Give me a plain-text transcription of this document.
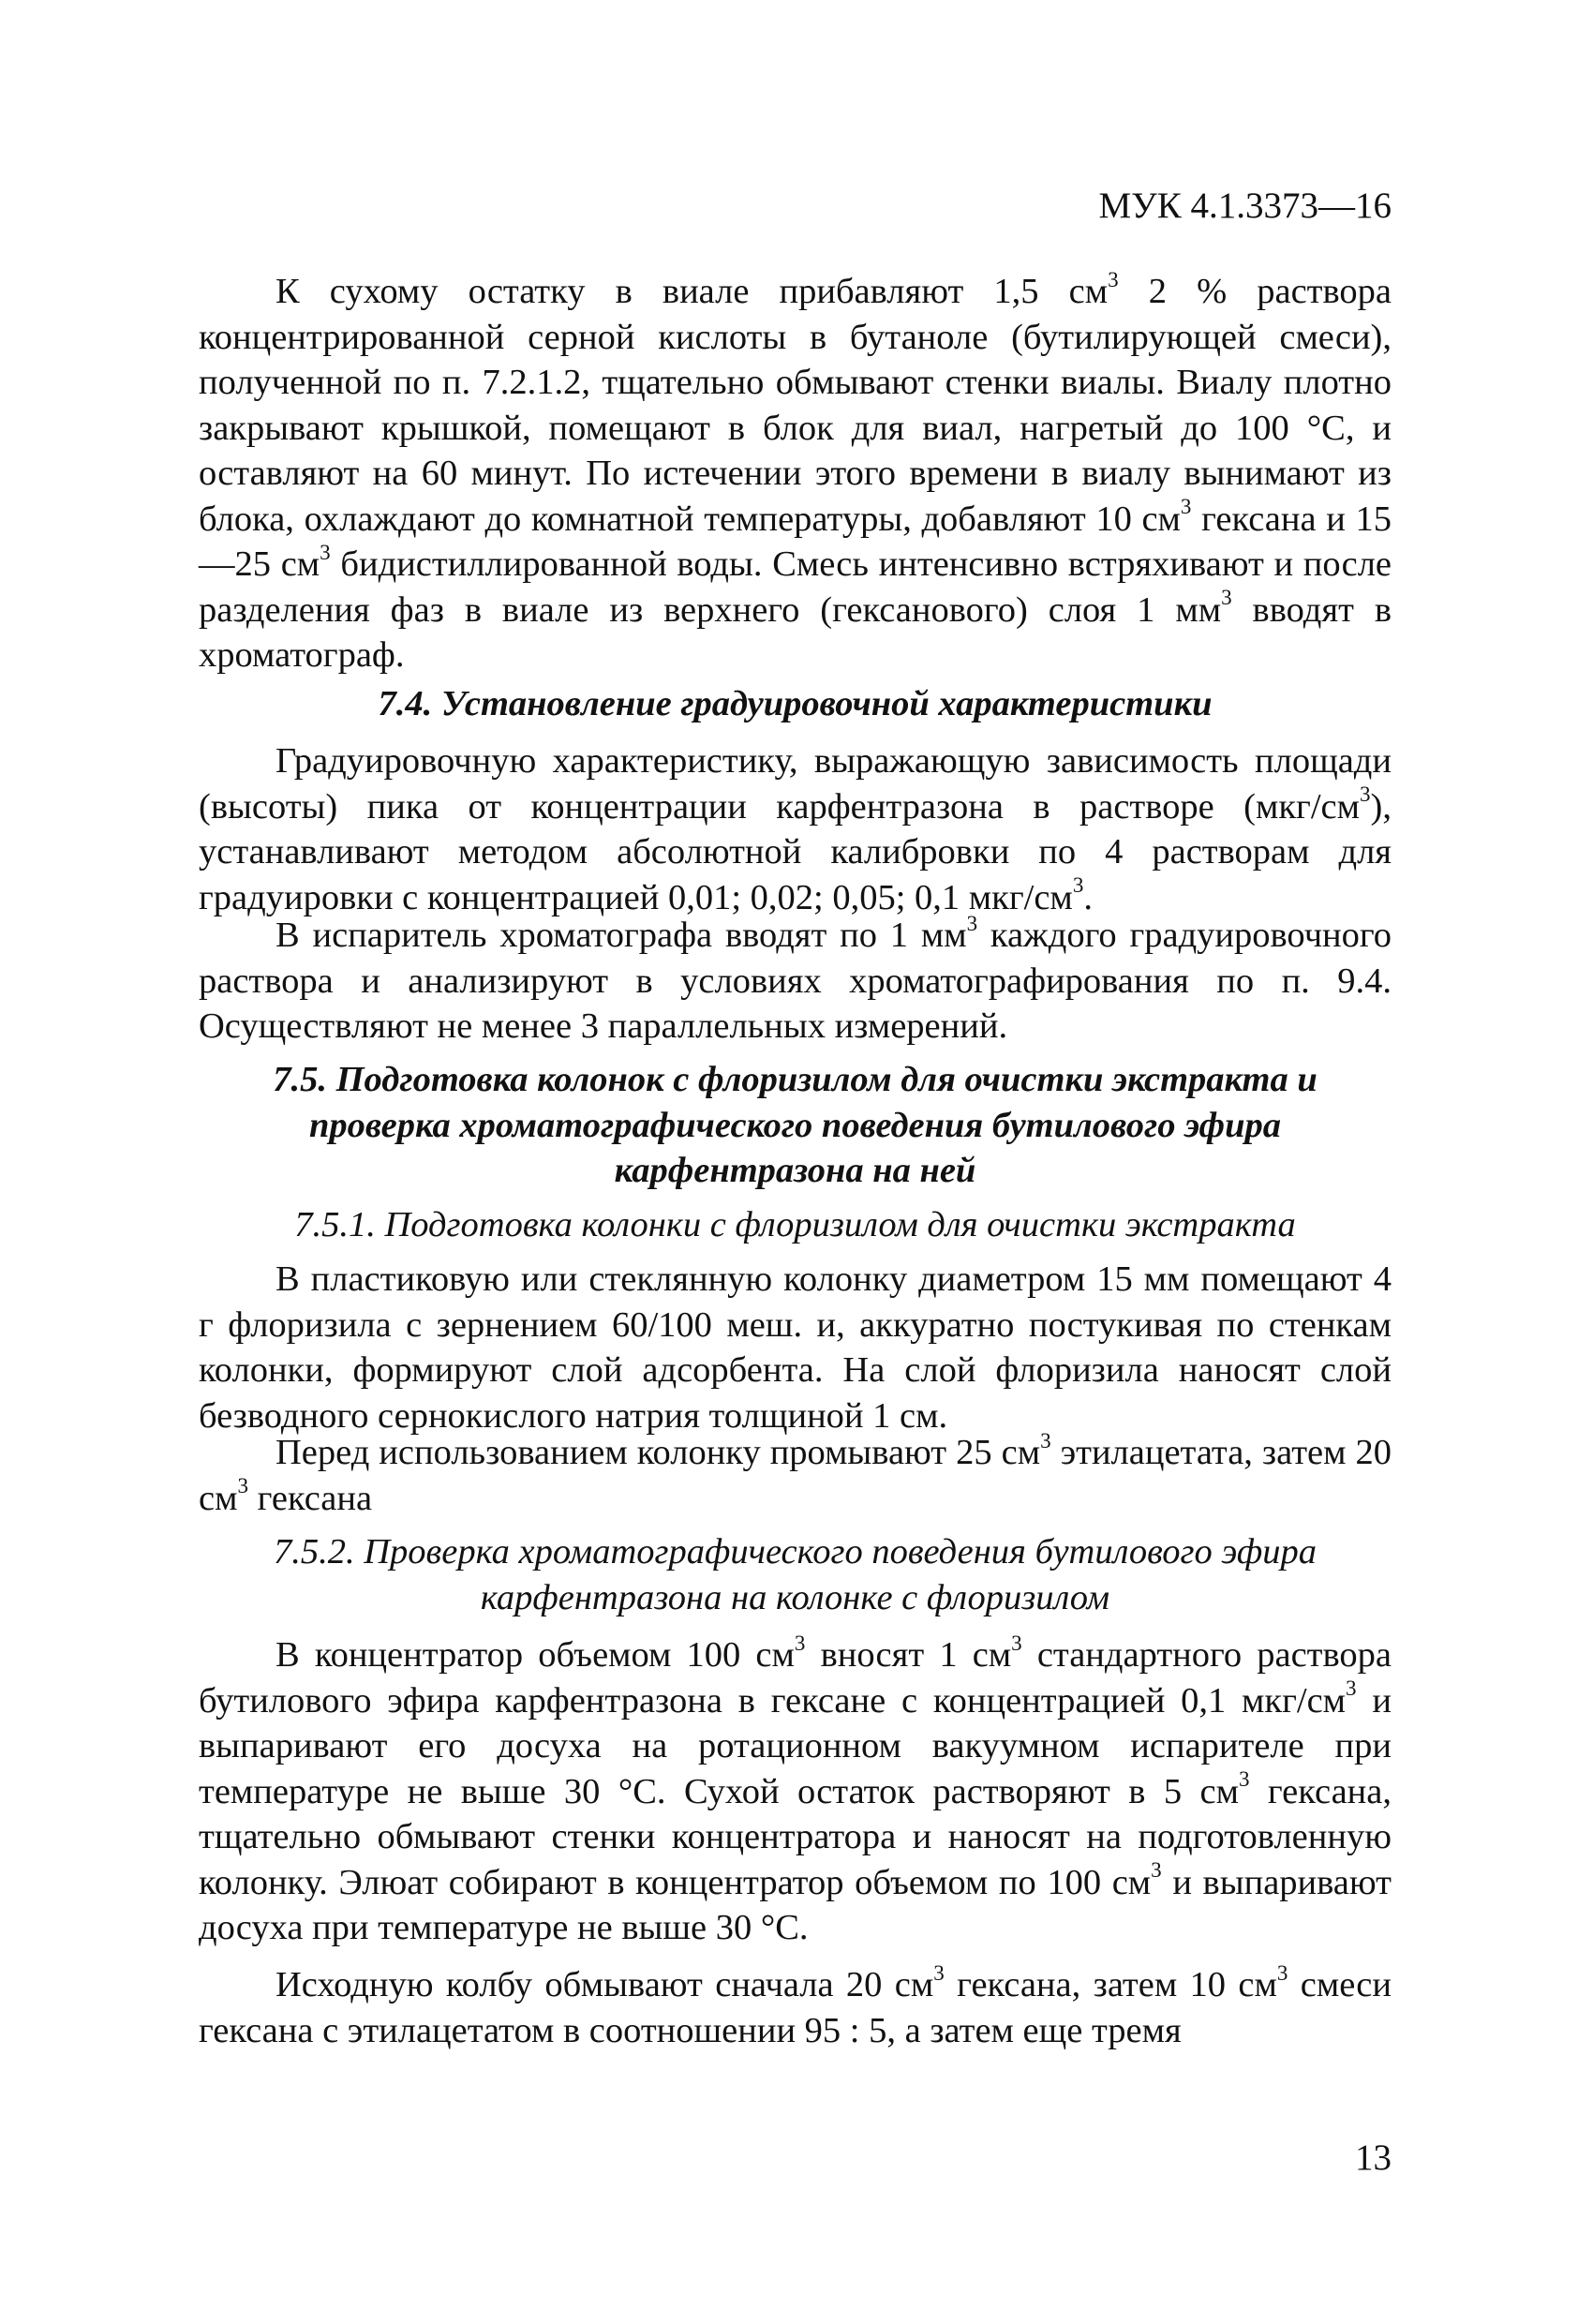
МУК 4.1.3373—16

К сухому остатку в виале прибавляют 1,5 $см^3$ 2 % раствора концентрированной серной кислоты в бутаноле (бутилирующей смеси), полученной по п. 7.2.1.2, тщательно обмывают стенки виалы. Виалу плотно закрывают крышкой, помещают в блок для виал, нагретый до 100 °С, и оставляют на 60 минут. По истечении этого времени в виалу вынимают из блока, охлаждают до комнатной температуры, добавляют 10 $см^3$ гексана и 15—25 $см^3$ бидистиллированной воды. Смесь интенсивно встряхивают и после разделения фаз в виале из верхнего (гексанового) слоя 1 $мм^3$ вводят в хроматограф.

7.4. Установление градуировочной характеристики

Градуировочную характеристику, выражающую зависимость площади (высоты) пика от концентрации карфентразона в растворе $(мкг/см^3)$, устанавливают методом абсолютной калибровки по 4 растворам для градуировки с концентрацией 0,01; 0,02; 0,05; 0,1 мкг/$см^3$.

В испаритель хроматографа вводят по 1 $мм^3$ каждого градуировочного раствора и анализируют в условиях хроматографирования по п. 9.4. Осуществляют не менее 3 параллельных измерений.

7.5. Подготовка колонок с флоризилом для очистки экстракта и
проверка хроматографического поведения бутилового эфира
карфентразона на ней
7.5.1. Подготовка колонки с флоризилом для очистки экстракта

В пластиковую или стеклянную колонку диаметром 15 мм помещают 4 г флоризила с зернением 60/100 меш. и, аккуратно постукивая по стенкам колонки, формируют слой адсорбента. На слой флоризила наносят слой безводного сернокислого натрия толщиной 1 см.

Перед использованием колонку промывают 25 $см^3$ этилацетата, затем 20 $см^3$ гексана

7.5.2. Проверка хроматографического поведения бутилового эфира
карфентразона на колонке с флоризилом

В концентратор объемом 100 $см^3$ вносят 1 $см^3$ стандартного раствора бутилового эфира карфентразона в гексане с концентрацией 0,1 мкг/$см^3$ и выпаривают его досуха на ротационном вакуумном испарителе при температуре не выше 30 °С. Сухой остаток растворяют в 5 $см^3$ гексана, тщательно обмывают стенки концентратора и наносят на подготовленную колонку. Элюат собирают в концентратор объемом по 100 $см^3$ и выпаривают досуха при температуре не выше 30 °С.

Исходную колбу обмывают сначала 20 $см^3$ гексана, затем 10 $см^3$ смеси гексана с этилацетатом в соотношении 95 : 5, а затем еще тремя

13
